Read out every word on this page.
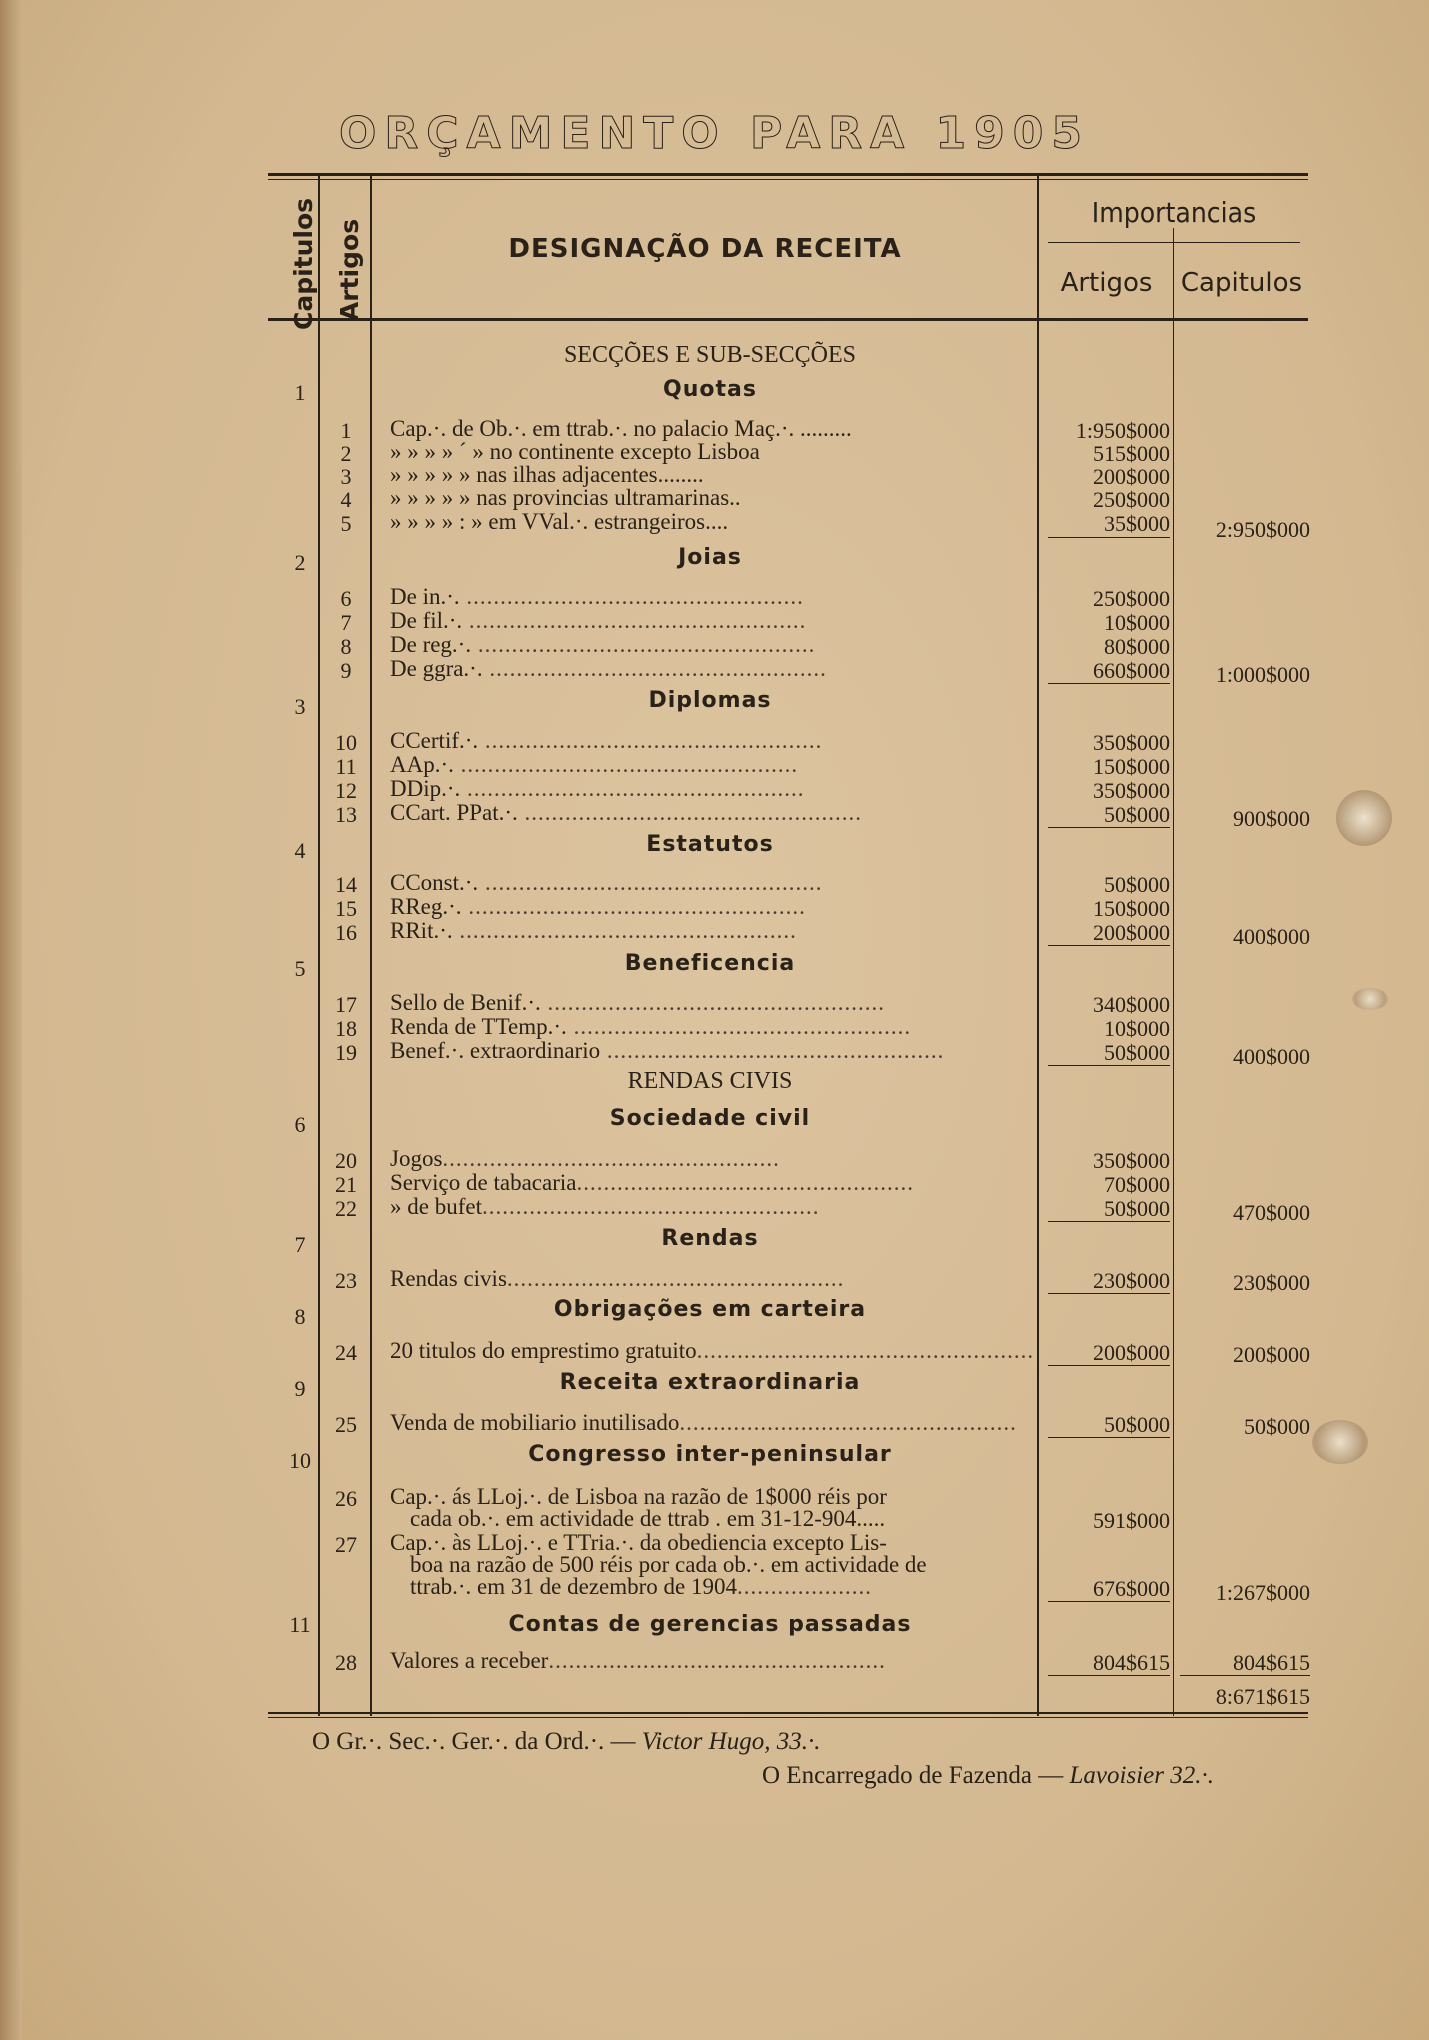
ORÇAMENTO PARA 1905
Capitulos Artigos	DESIGNAÇÃO DA RECEITA
Importancias
Artigos	Capitulos
SECÇÕES E SUB-SECÇÕES
1	Quotas
1	Cap.·. de Ob.·. em ttrab.·. no palacio Maç.·. .........	1:950$000
2	» » » » ´ » no continente excepto Lisboa	515$000
3	» » » » » nas ilhas adjacentes........	200$000
4	» » » » » nas provincias ultramarinas..	250$000
5	» » » » : » em VVal.·. estrangeiros....	35$000	2:950$000
2	Joias
6	De in.·. ..................................................	250$000
7	De fil.·. ..................................................	10$000
8	De reg.·. ..................................................	80$000
9	De ggra.·. ..................................................	660$000	1:000$000
3	Diplomas
10	CCertif.·. ..................................................	350$000
11	AAp.·. ..................................................	150$000
12	DDip.·. ..................................................	350$000
13	CCart. PPat.·. ..................................................	50$000	900$000
4	Estatutos
14	CConst.·. ..................................................	50$000
15	RReg.·. ..................................................	150$000
16	RRit.·. ..................................................	200$000	400$000
5	Beneficencia
17	Sello de Benif.·. ..................................................	340$000
18	Renda de TTemp.·. ..................................................	10$000
19	Benef.·. extraordinario ..................................................	50$000	400$000
RENDAS CIVIS
6	Sociedade civil
20	Jogos..................................................	350$000
21	Serviço de tabacaria..................................................	70$000
22	» de bufet..................................................	50$000	470$000
7	Rendas
23	Rendas civis..................................................	230$000	230$000
8	Obrigações em carteira
24	20 titulos do emprestimo gratuito..................................................	200$000	200$000
9	Receita extraordinaria
25	Venda de mobiliario inutilisado..................................................	50$000	50$000
10	Congresso inter-peninsular
26	Cap.·. ás LLoj.·. de Lisboa na razão de 1$000 réis por
cada ob.·. em actividade de ttrab . em 31-12-904.....	591$000
27	Cap.·. às LLoj.·. e TTria.·. da obediencia excepto Lis-
boa na razão de 500 réis por cada ob.·. em actividade de
ttrab.·. em 31 de dezembro de 1904....................	676$000	1:267$000
11	Contas de gerencias passadas
28	Valores a receber..................................................	804$615	804$615
8:671$615
O Gr.·. Sec.·. Ger.·. da Ord.·. — Victor Hugo, 33.·.
O Encarregado de Fazenda — Lavoisier 32.·.
